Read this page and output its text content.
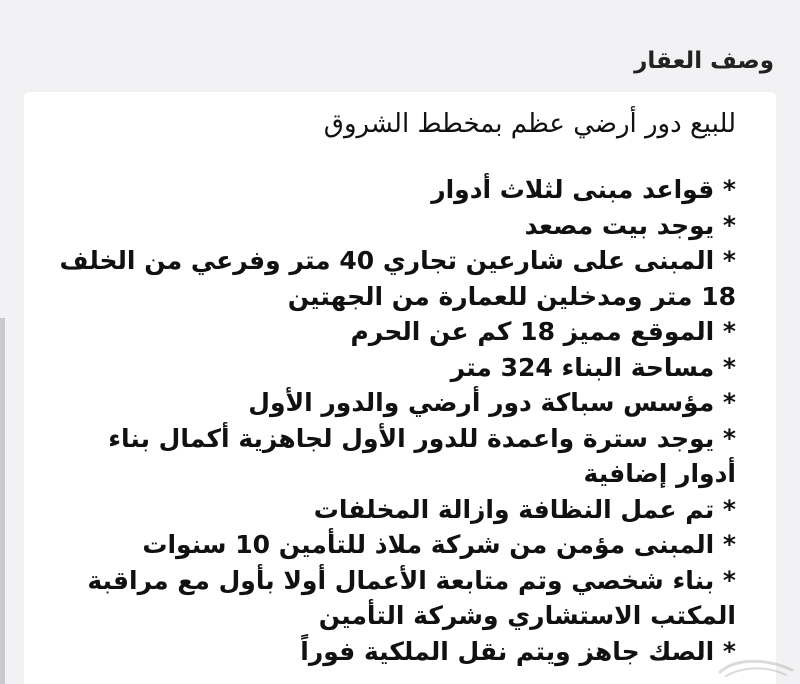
وصف العقار

للبيع دور أرضي عظم بمخطط الشروق

* قواعد مبنى لثلاث أدوار
* يوجد بيت مصعد
* المبنى على شارعين تجاري 40 متر وفرعي من الخلف 18 متر ومدخلين للعمارة من الجهتين
* الموقع مميز 18 كم عن الحرم
* مساحة البناء 324 متر
* مؤسس سباكة دور أرضي والدور الأول
* يوجد سترة واعمدة للدور الأول لجاهزية أكمال بناء أدوار إضافية
* تم عمل النظافة وازالة المخلفات
* المبنى مؤمن من شركة ملاذ للتأمين 10 سنوات
* بناء شخصي وتم متابعة الأعمال أولا بأول مع مراقبة المكتب الاستشاري وشركة التأمين
* الصك جاهز ويتم نقل الملكية فوراً
